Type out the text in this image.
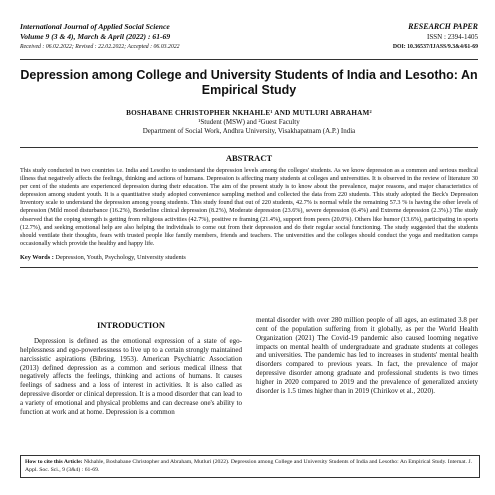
International Journal of Applied Social Science
Volume 9 (3 & 4), March & April (2022) : 61-69
Received : 06.02.2022; Revised : 22.02.2022; Accepted : 06.03.2022
RESEARCH PAPER
ISSN : 2394-1405
DOI: 10.36537/IJASS/9.3&4/61-69
Depression among College and University Students of India and Lesotho: An Empirical Study
BOSHABANE CHRISTOPHER NKHAHLE¹ AND MUTLURI ABRAHAM²
¹Student (MSW) and ²Guest Faculty
Department of Social Work, Andhra University, Visakhapatnam (A.P.) India
ABSTRACT
This study conducted in two countries i.e. India and Lesotho to understand the depression levels among the colleges' students. As we know depression as a common and serious medical illness that negatively affects the feelings, thinking and actions of humans. Depression is affecting many students at colleges and universities. It is observed in the review of literature 30 per cent of the students are experienced depression during their education. The aim of the present study is to know about the prevalence, major reasons, and major characteristics of depression among student youth. It is a quantitative study adopted convenience sampling method and collected the data from 220 students. This study adopted the Beck's Depression Inventory scale to understand the depression among young students. This study found that out of 220 students, 42.7% is normal while the remaining 57.3 % is having the other levels of depression (Mild mood disturbance (16.2%), Borderline clinical depression (8.2%), Moderate depression (23.6%), severe depression (6.4%) and Extreme depression (2.3%).) The study observed that the coping strength is getting from religious activities (42.7%), positive re framing (21.4%), support from peers (20.0%). Others like humor (13.6%), participating in sports (12.7%), and seeking emotional help are also helping the individuals to come out from their depression and do their regular social functioning. The study suggested that the students should ventilate their thoughts, fears with trusted people like family members, friends and teachers. The universities and the colleges should conduct the yoga and meditation camps occasionally which provide the healthy and happy life.
Key Words : Depression, Youth, Psychology, University students
INTRODUCTION
Depression is defined as the emotional expression of a state of ego-helplessness and ego-powerlessness to live up to a certain strongly maintained narcissistic aspirations (Bibring, 1953). American Psychiatric Association (2013) defined depression as a common and serious medical illness that negatively affects the feelings, thinking and actions of humans. It causes feelings of sadness and a loss of interest in activities. It is also called as depressive disorder or clinical depression. It is a mood disorder that can lead to a variety of emotional and physical problems and can decrease one's ability to function at work and at home. Depression is a common
mental disorder with over 280 million people of all ages, an estimated 3.8 per cent of the population suffering from it globally, as per the World Health Organization (2021) The Covid-19 pandemic also caused looming negative impacts on mental health of undergraduate and graduate students at colleges and universities. The pandemic has led to increases in students' mental health disorders compared to previous years. In fact, the prevalence of major depressive disorder among graduate and professional students is two times higher in 2020 compared to 2019 and the prevalence of generalized anxiety disorder is 1.5 times higher than in 2019 (Chirikov et al., 2020).
How to cite this Article: Nkhahle, Boshabane Christopher and Abraham, Mutluri (2022). Depression among College and University Students of India and Lesotho: An Empirical Study. Internat. J. Appl. Soc. Sci., 9 (3&4) : 61-69.
